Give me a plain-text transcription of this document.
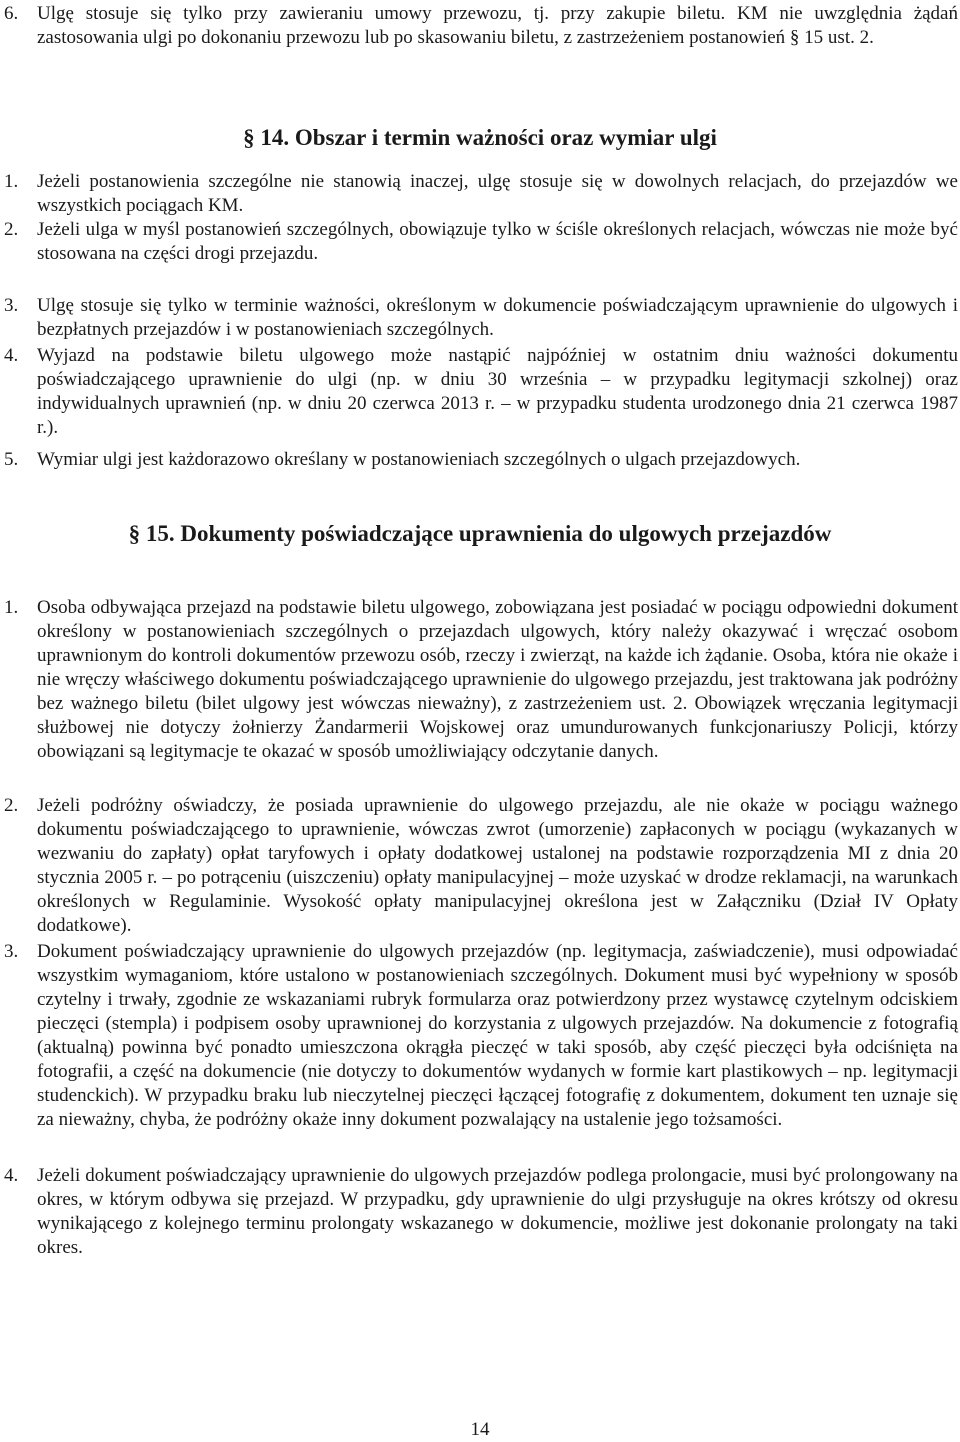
6. Ulgę stosuje się tylko przy zawieraniu umowy przewozu, tj. przy zakupie biletu. KM nie uwzględnia żądań zastosowania ulgi po dokonaniu przewozu lub po skasowaniu biletu, z zastrzeżeniem postanowień § 15 ust. 2.
§ 14. Obszar i termin ważności oraz wymiar ulgi
1. Jeżeli postanowienia szczególne nie stanowią inaczej, ulgę stosuje się w dowolnych relacjach, do przejazdów we wszystkich pociągach KM.
2. Jeżeli ulga w myśl postanowień szczególnych, obowiązuje tylko w ściśle określonych relacjach, wówczas nie może być stosowana na części drogi przejazdu.
3. Ulgę stosuje się tylko w terminie ważności, określonym w dokumencie poświadczającym uprawnienie do ulgowych i bezpłatnych przejazdów i w postanowieniach szczególnych.
4. Wyjazd na podstawie biletu ulgowego może nastąpić najpóźniej w ostatnim dniu ważności dokumentu poświadczającego uprawnienie do ulgi (np. w dniu 30 września – w przypadku legitymacji szkolnej) oraz indywidualnych uprawnień (np. w dniu 20 czerwca 2013 r. – w przypadku studenta urodzonego dnia 21 czerwca 1987 r.).
5. Wymiar ulgi jest każdorazowo określany w postanowieniach szczególnych o ulgach przejazdowych.
§ 15. Dokumenty poświadczające uprawnienia do ulgowych przejazdów
1. Osoba odbywająca przejazd na podstawie biletu ulgowego, zobowiązana jest posiadać w pociągu odpowiedni dokument określony w postanowieniach szczególnych o przejazdach ulgowych, który należy okazywać i wręczać osobom uprawnionym do kontroli dokumentów przewozu osób, rzeczy i zwierząt, na każde ich żądanie. Osoba, która nie okaże i nie wręczy właściwego dokumentu poświadczającego uprawnienie do ulgowego przejazdu, jest traktowana jak podróżny bez ważnego biletu (bilet ulgowy jest wówczas nieważny), z zastrzeżeniem ust. 2. Obowiązek wręczania legitymacji służbowej nie dotyczy żołnierzy Żandarmerii Wojskowej oraz umundurowanych funkcjonariuszy Policji, którzy obowiązani są legitymacje te okazać w sposób umożliwiający odczytanie danych.
2. Jeżeli podróżny oświadczy, że posiada uprawnienie do ulgowego przejazdu, ale nie okaże w pociągu ważnego dokumentu poświadczającego to uprawnienie, wówczas zwrot (umorzenie) zapłaconych w pociągu (wykazanych w wezwaniu do zapłaty) opłat taryfowych i opłaty dodatkowej ustalonej na podstawie rozporządzenia MI z dnia 20 stycznia 2005 r. – po potrąceniu (uiszczeniu) opłaty manipulacyjnej – może uzyskać w drodze reklamacji, na warunkach określonych w Regulaminie. Wysokość opłaty manipulacyjnej określona jest w Załączniku (Dział IV Opłaty dodatkowe).
3. Dokument poświadczający uprawnienie do ulgowych przejazdów (np. legitymacja, zaświadczenie), musi odpowiadać wszystkim wymaganiom, które ustalono w postanowieniach szczególnych. Dokument musi być wypełniony w sposób czytelny i trwały, zgodnie ze wskazaniami rubryk formularza oraz potwierdzony przez wystawcę czytelnym odciskiem pieczęci (stempla) i podpisem osoby uprawnionej do korzystania z ulgowych przejazdów. Na dokumencie z fotografią (aktualną) powinna być ponadto umieszczona okrągła pieczęć w taki sposób, aby część pieczęci była odciśnięta na fotografii, a część na dokumencie (nie dotyczy to dokumentów wydanych w formie kart plastikowych – np. legitymacji studenckich). W przypadku braku lub nieczytelnej pieczęci łączącej fotografię z dokumentem, dokument ten uznaje się za nieważny, chyba, że podróżny okaże inny dokument pozwalający na ustalenie jego tożsamości.
4. Jeżeli dokument poświadczający uprawnienie do ulgowych przejazdów podlega prolongacie, musi być prolongowany na okres, w którym odbywa się przejazd. W przypadku, gdy uprawnienie do ulgi przysługuje na okres krótszy od okresu wynikającego z kolejnego terminu prolongaty wskazanego w dokumencie, możliwe jest dokonanie prolongaty na taki okres.
14
